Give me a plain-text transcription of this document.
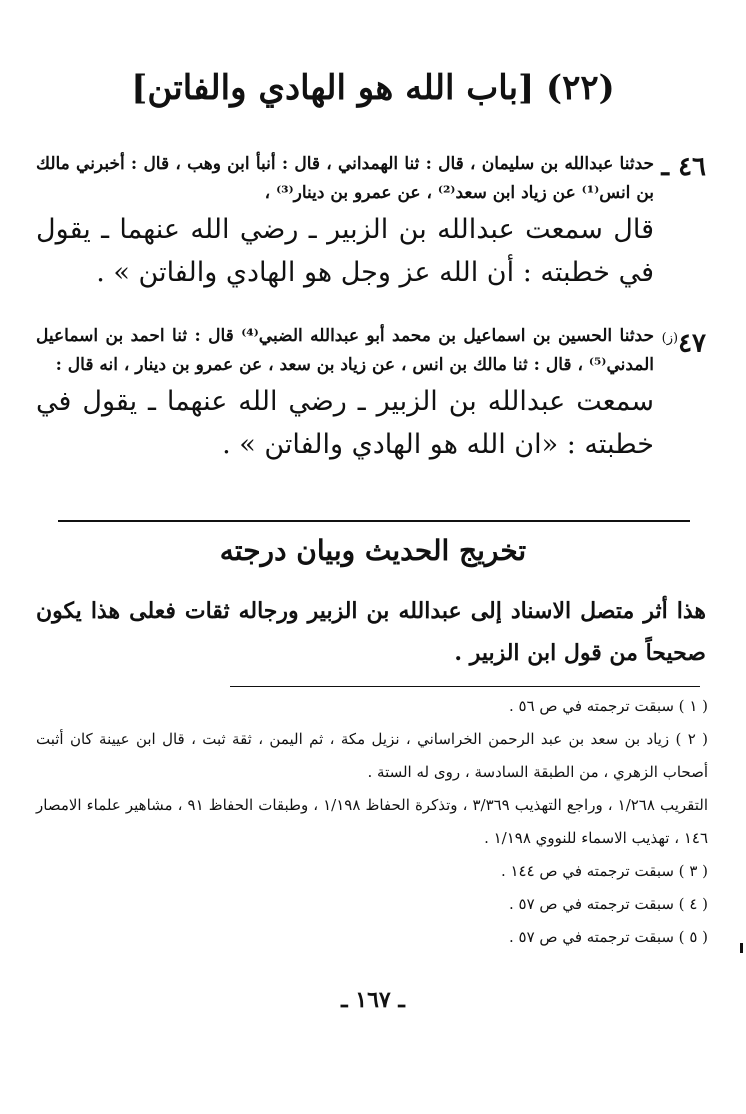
(٢٢) [باب الله هو الهادي والفاتن]
٤٦ ـ

حدثنا عبدالله بن سليمان ، قال : ثنا الهمداني ، قال : أنبأ ابن وهب ، قال : أخبرني مالك بن انس⁽¹⁾ عن زياد ابن سعد⁽²⁾ ، عن عمرو بن دينار⁽³⁾ ،

قال سمعت عبدالله بن الزبير ـ رضي الله عنهما ـ يقول في خطبته : أن الله عز وجل هو الهادي والفاتن » .

$٤٧^{(ز)}$

حدثنا الحسين بن اسماعيل بن محمد أبو عبدالله الضبي⁽⁴⁾ قال : ثنا احمد بن اسماعيل المدني⁽⁵⁾ ، قال : ثنا مالك بن انس ، عن زياد بن سعد ، عن عمرو بن دينار ، انه قال :

سمعت عبدالله بن الزبير ـ رضي الله عنهما ـ يقول في خطبته : «ان الله هو الهادي والفاتن » .

تخريج الحديث وبيان درجته

هذا أثر متصل الاسناد إلى عبدالله بن الزبير ورجاله ثقات فعلى هذا يكون صحيحاً من قول ابن الزبير .

( ١ ) سبقت ترجمته في ص ٥٦ .

( ٢ ) زياد بن سعد بن عبد الرحمن الخراساني ، نزيل مكة ، ثم اليمن ، ثقة ثبت ، قال ابن عيينة كان أثبت أصحاب الزهري ، من الطبقة السادسة ، روى له الستة .

التقريب ١/٢٦٨ ، وراجع التهذيب ٣/٣٦٩ ، وتذكرة الحفاظ ١/١٩٨ ، وطبقات الحفاظ ٩١ ، مشاهير علماء الامصار ١٤٦ ، تهذيب الاسماء للنووي ١/١٩٨ .

( ٣ ) سبقت ترجمته في ص ١٤٤ .

( ٤ ) سبقت ترجمته في ص ٥٧ .

( ٥ ) سبقت ترجمته في ص ٥٧ .

ـ ١٦٧ ـ
